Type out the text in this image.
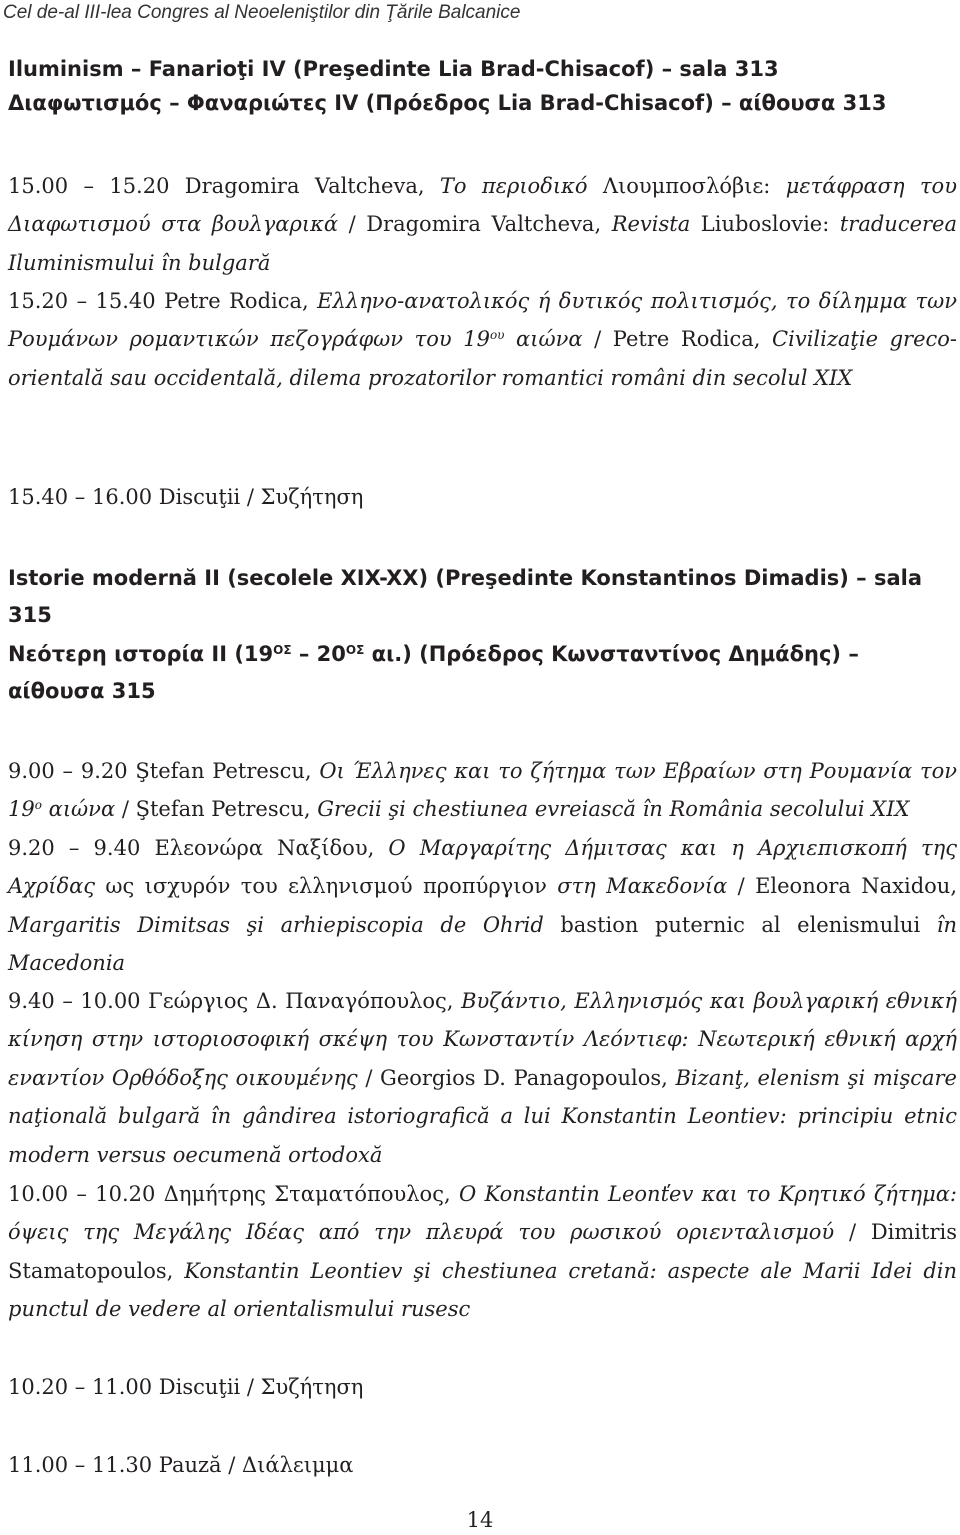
Cel de-al III-lea Congres al Neoeleniştilor din Ţările Balcanice
Iluminism – Fanarioţi IV (Preşedinte Lia Brad-Chisacof) – sala 313
Διαφωτισμός – Φαναριώτες IV (Πρόεδρος Lia Brad-Chisacof) – αίθουσα 313

15.00 – 15.20 Dragomira Valtcheva, Το περιοδικό Λιουμποσλόβιε: μετάφραση του Διαφωτισμού στα βουλγαρικά / Dragomira Valtcheva, Revista Liuboslovie: traducerea Iluminismului în bulgară

15.20 – 15.40 Petre Rodica, Ελληνο-ανατολικός ή δυτικός πολιτισμός, το δίλημμα των Ρουμάνων ρομαντικών πεζογράφων του $19^{o\upsilon}$ αιώνα / Petre Rodica, Civilizaţie greco-orientală sau occidentală, dilema prozatorilor romantici români din secolul XIX

15.40 – 16.00 Discuţii / Συζήτηση

Istorie modernă II (secolele XIX-XX) (Preşedinte Konstantinos Dimadis) – sala 315
Νεότερη ιστορία ΙΙ ($19^{O\Sigma} - 20^{O\Sigma}$ αι.) (Πρόεδρος Κωνσταντίνος Δημάδης) – αίθουσα 315

9.00 – 9.20 Ştefan Petrescu, Οι Έλληνες και το ζήτημα των Εβραίων στη Ρουμανία τον $19^o$ αιώνα / Ştefan Petrescu, Grecii şi chestiunea evreiască în România secolului XIX

9.20 – 9.40 Ελεονώρα Ναξίδου, Ο Μαργαρίτης Δήμιτσας και η Αρχιεπισκοπή της Αχρίδας ως ισχυρόν του ελληνισμού προπύργιον στη Μακεδονία / Eleonora Naxidou, Margaritis Dimitsas şi arhiepiscopia de Ohrid bastion puternic al elenismului în Macedonia

9.40 – 10.00 Γεώργιος Δ. Παναγόπουλος, Βυζάντιο, Ελληνισμός και βουλγαρική εθνική κίνηση στην ιστοριοσοφική σκέψη του Κωνσταντίν Λεόντιεφ: Νεωτερική εθνική αρχή εναντίον Ορθόδοξης οικουμένης / Georgios D. Panagopoulos, Bizanţ, elenism şi mişcare naţională bulgară în gândirea istoriografică a lui Konstantin Leontiev: principiu etnic modern versus oecumenă ortodoxă

10.00 – 10.20 Δημήτρης Σταματόπουλος, Ο Konstantin Leonťev και το Κρητικό ζήτημα: όψεις της Μεγάλης Ιδέας από την πλευρά του ρωσικού οριενταλισμού / Dimitris Stamatopoulos, Konstantin Leontiev şi chestiunea cretană: aspecte ale Marii Idei din punctul de vedere al orientalismului rusesc

10.20 – 11.00 Discuţii / Συζήτηση

11.00 – 11.30 Pauză / Διάλειμμα

14
